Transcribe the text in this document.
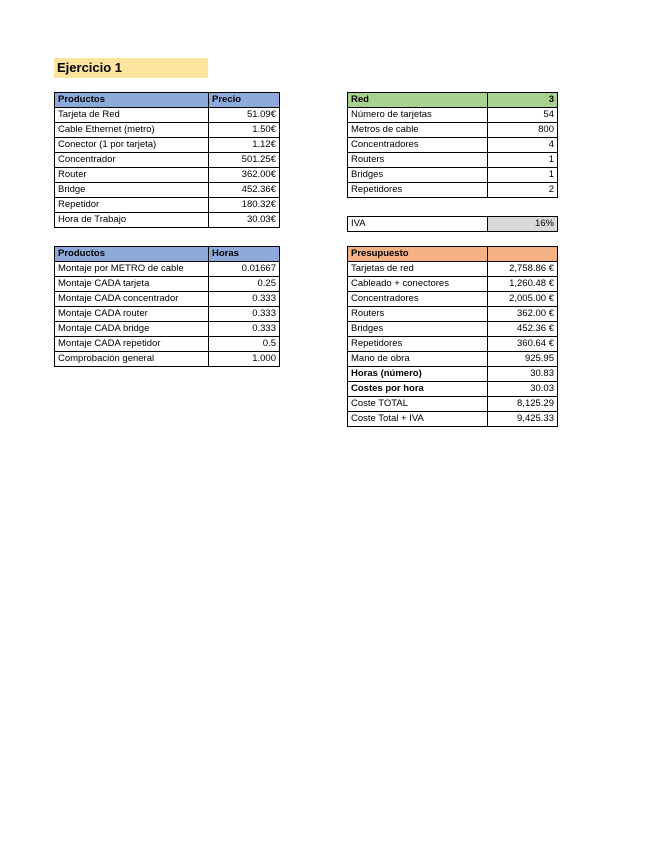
Ejercicio 1
Productos	Precio
Tarjeta de Red	51.09€
Cable Ethernet (metro)	1.50€
Conector (1 por tarjeta)	1.12€
Concentrador	501.25€
Router	362.00€
Bridge	452.36€
Repetidor	180.32€
Hora de Trabajo	30.03€
Productos	Horas
Montaje por METRO de cable	0.01667
Montaje CADA tarjeta	0.25
Montaje CADA concentrador	0.333
Montaje CADA router	0.333
Montaje CADA bridge	0.333
Montaje CADA repetidor	0.5
Comprobación general	1.000
Red	3
Número de tarjetas	54
Metros de cable	800
Concentradores	4
Routers	1
Bridges	1
Repetidores	2
IVA	16%
Presupuesto	
Tarjetas de red	2,758.86 €
Cableado + conectores	1,260.48 €
Concentradores	2,005.00 €
Routers	362.00 €
Bridges	452.36 €
Repetidores	360.64 €
Mano de obra	925.95
Horas (número)	30.83
Costes por hora	30.03
Coste TOTAL	8,125.29
Coste Total + IVA	9,425.33
